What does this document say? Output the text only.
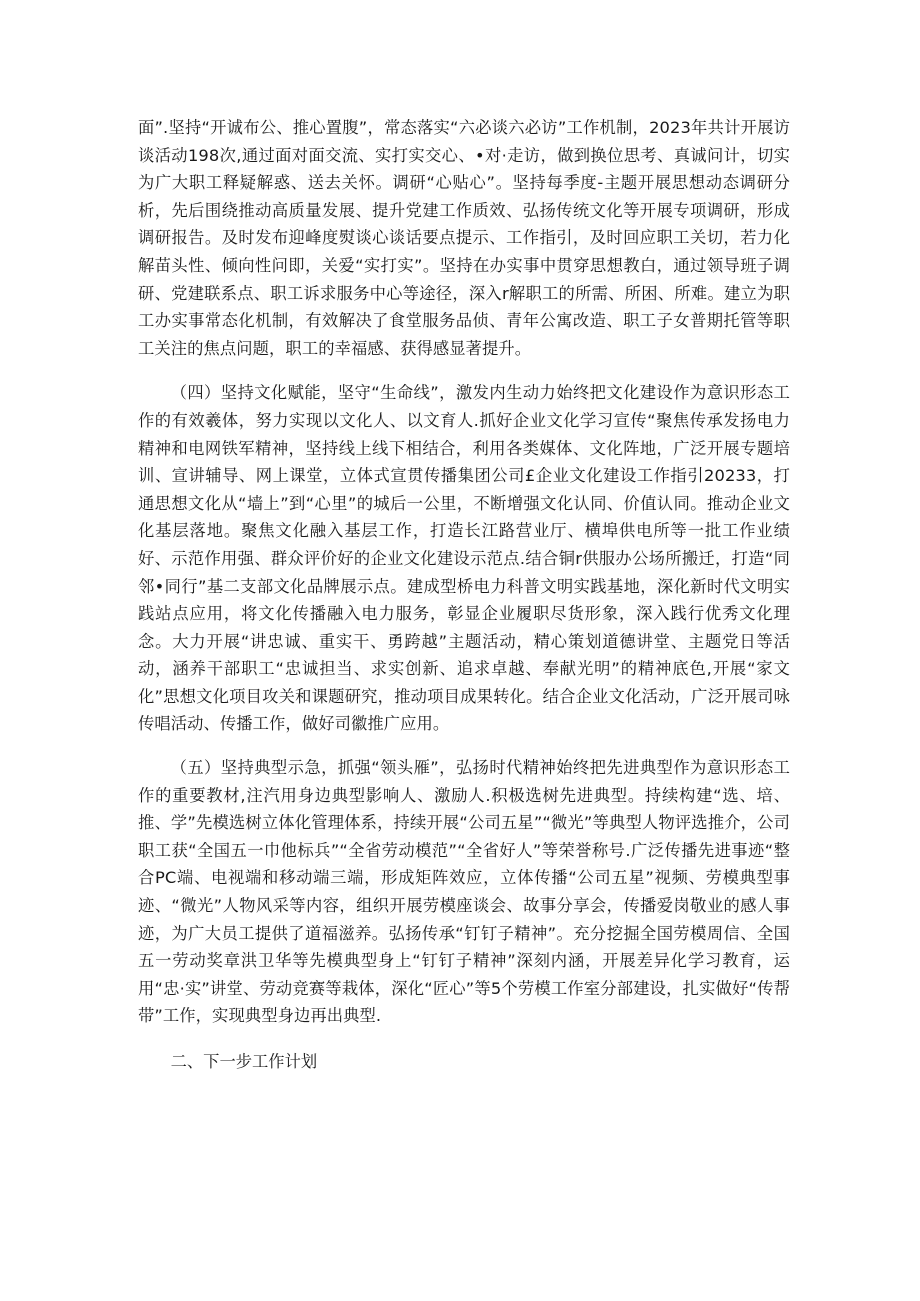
面”.坚持“开诚布公、推心置腹”，常态落实“六必谈六必访”工作机制，2023年共计开展访谈活动198次,通过面对面交流、实打实交心、•对·走访，做到换位思考、真诚问计，切实为广大职工释疑解惑、送去关怀。调研“心贴心”。坚持每季度-主题开展思想动态调研分析，先后围绕推动高质量发展、提升党建工作质效、弘扬传统文化等开展专项调研，形成调研报告。及时发布迎峰度熨谈心谈话要点提示、工作指引，及时回应职工关切，若力化解苗头性、倾向性问即，关爱“实打实”。坚持在办实事中贯穿思想教白，通过领导班子调研、党建联系点、职工诉求服务中心等途径，深入r解职工的所需、所困、所难。建立为职工办实事常态化机制，有效解决了食堂服务品侦、青年公寓改造、职工子女普期托管等职工关注的焦点问题，职工的幸福感、获得感显著提升。

（四）坚持文化赋能，坚守“生命线”，激发内生动力始终把文化建设作为意识形态工作的有效羲体，努力实现以文化人、以文育人.抓好企业文化学习宣传“聚焦传承发扬电力精神和电网铁军精神，坚持线上线下相结合，利用各类媒体、文化阵地，广泛开展专题培训、宣讲辅导、网上课堂，立体式宣贯传播集团公司£企业文化建设工作指引20233，打通思想文化从“墙上”到“心里”的城后一公里，不断增强文化认同、价值认同。推动企业文化基层落地。聚焦文化融入基层工作，打造长江路营业厅、横埠供电所等一批工作业绩好、示范作用强、群众评价好的企业文化建设示范点.结合铜r供服办公场所搬迁，打造“同邻•同行”基二支部文化品牌展示点。建成型桥电力科普文明实践基地，深化新时代文明实践站点应用，将文化传播融入电力服务，彰显企业履职尽货形象，深入践行优秀文化理念。大力开展“讲忠诚、重实干、勇跨越”主题活动，精心策划道德讲堂、主题党日等活动，涵养干部职工“忠诚担当、求实创新、追求卓越、奉献光明”的精神底色,开展“家文化”思想文化项目攻关和课题研究，推动项目成果转化。结合企业文化活动，广泛开展司咏传唱活动、传播工作，做好司徽推广应用。

（五）坚持典型示急，抓强“领头雁”，弘扬时代精神始终把先进典型作为意识形态工作的重要教材,注汽用身边典型影响人、激励人.积极选树先进典型。持续构建“选、培、推、学”先模选树立体化管理体系，持续开展“公司五星”“微光”等典型人物评选推介，公司职工获“全国五一巾他标兵”“全省劳动模范”“全省好人”等荣誉称号.广泛传播先进事迹“整合PC端、电视端和移动端三端，形成矩阵效应，立体传播“公司五星”视频、劳模典型事迹、“微光”人物风采等内容，组织开展劳模座谈会、故事分享会，传播爱岗敬业的感人事迹，为广大员工提供了道福滋养。弘扬传承“钉钉子精神”。充分挖掘全国劳模周信、全国五一劳动奖章洪卫华等先模典型身上“钉钉子精神”深刻内涵，开展差异化学习教育，运用“忠·实”讲堂、劳动竞赛等栽体，深化“匠心”等5个劳模工作室分部建设，扎实做好“传帮带”工作，实现典型身边再出典型.

二、下一步工作计划
